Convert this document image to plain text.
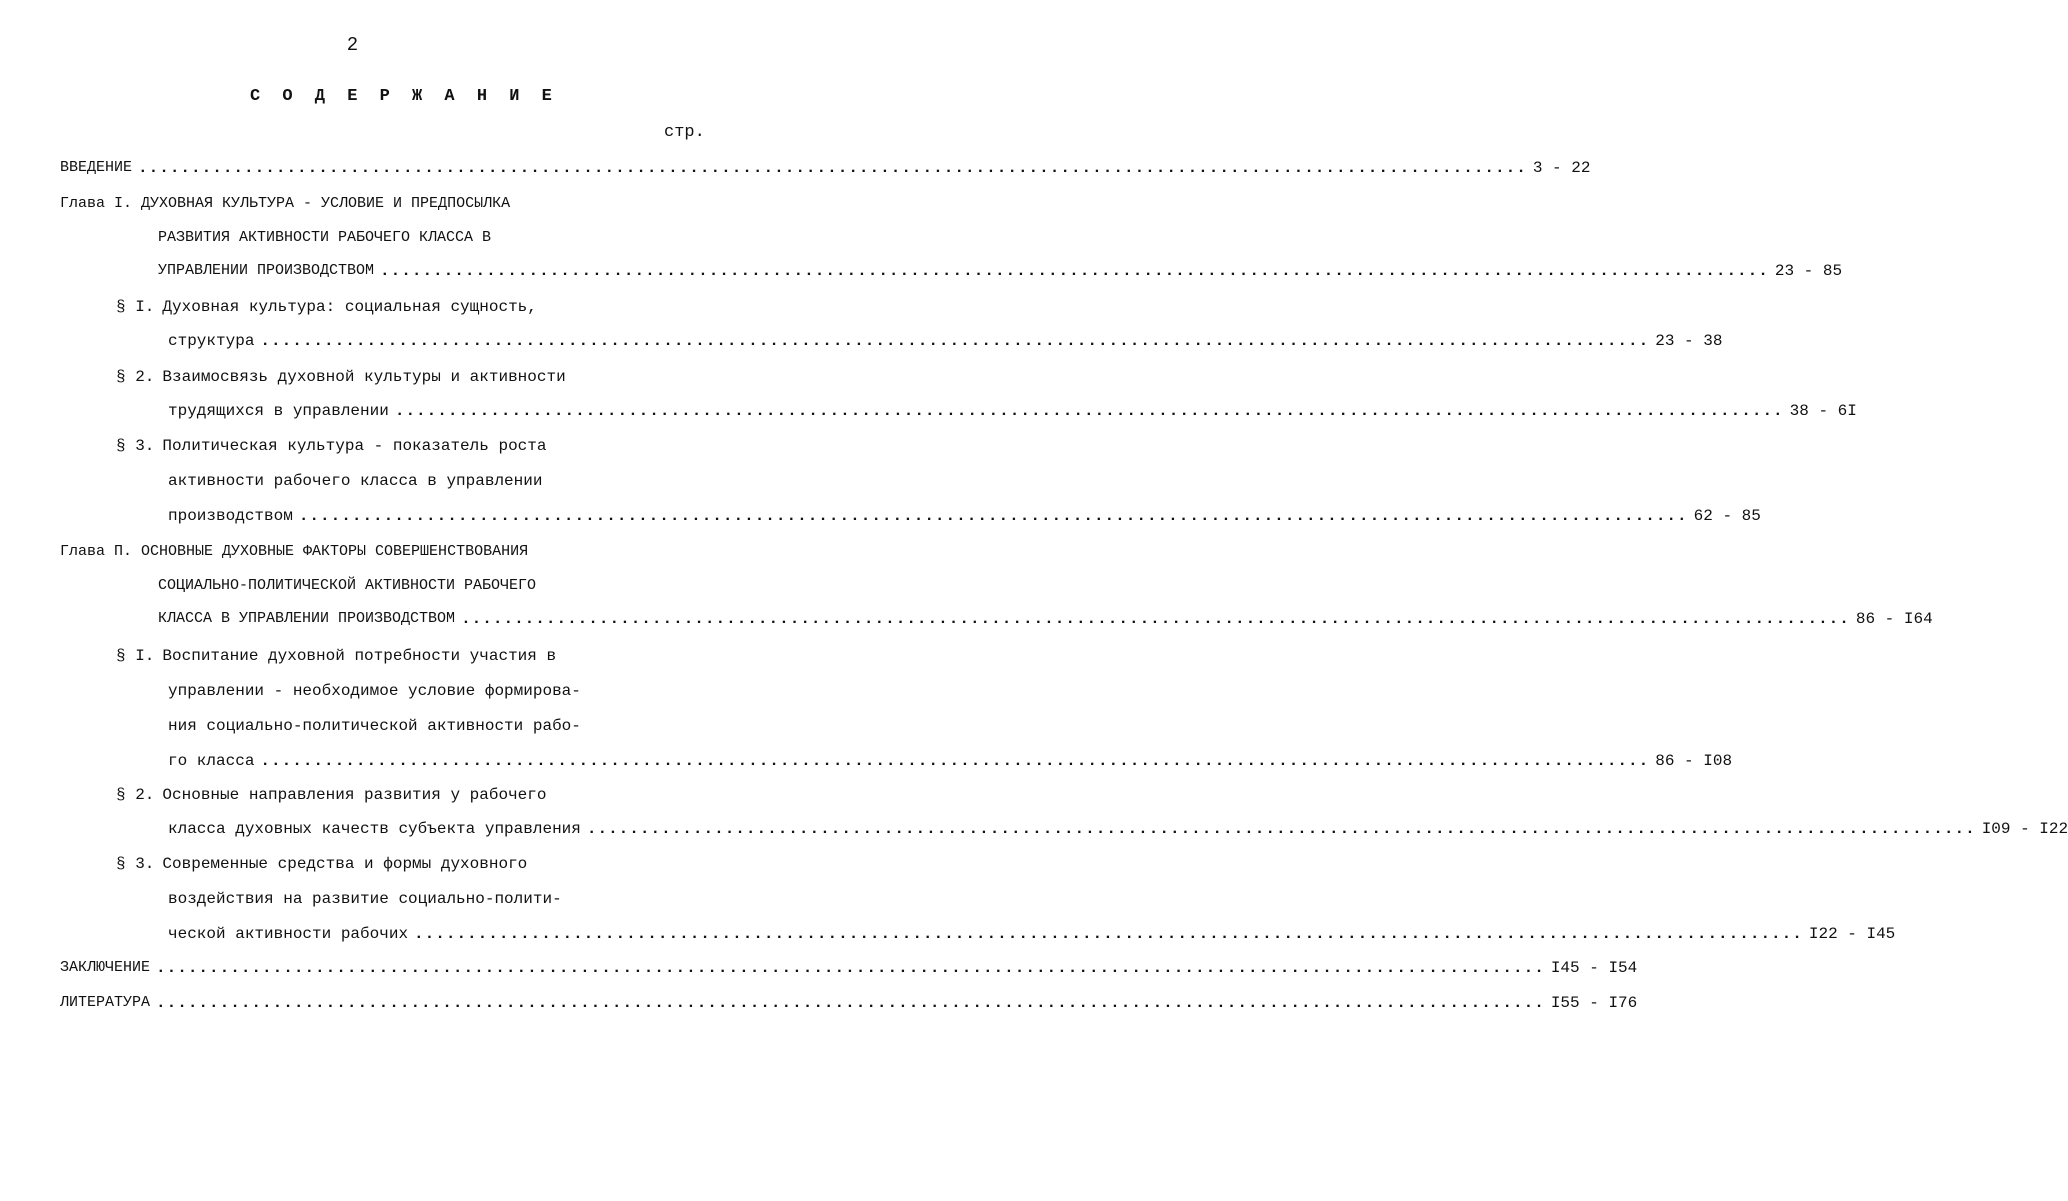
2
С О Д Е Р Ж А Н И Е
стр.
ВВЕДЕНИЕ ................................................................................................................................... 3 - 22
Глава I. ДУХОВНАЯ КУЛЬТУРА - УСЛОВИЕ И ПРЕДПОСЫЛКА
РАЗВИТИЯ АКТИВНОСТИ РАБОЧЕГО КЛАССА В
УПРАВЛЕНИИ ПРОИЗВОДСТВОМ ................................................................................................................................... 23 - 85
§ I. Духовная культура: социальная сущность,
структура ................................................................................................................................... 23 - 38
§ 2. Взаимосвязь духовной культуры и активности
трудящихся в управлении ................................................................................................................................... 38 - 6I
§ 3. Политическая культура - показатель роста
активности рабочего класса в управлении
производством ................................................................................................................................... 62 - 85
Глава П. ОСНОВНЫЕ ДУХОВНЫЕ ФАКТОРЫ СОВЕРШЕНСТВОВАНИЯ
СОЦИАЛЬНО-ПОЛИТИЧЕСКОЙ АКТИВНОСТИ РАБОЧЕГО
КЛАССА В УПРАВЛЕНИИ ПРОИЗВОДСТВОМ ................................................................................................................................... 86 - I64
§ I. Воспитание духовной потребности участия в
управлении - необходимое условие формирова-
ния социально-политической активности рабо-
го класса ................................................................................................................................... 86 - I08
§ 2. Основные направления развития у рабочего
класса духовных качеств субъекта управления ................................................................................................................................... I09 - I22
§ 3. Современные средства и формы духовного
воздействия на развитие социально-полити-
ческой активности рабочих ................................................................................................................................... I22 - I45
ЗАКЛЮЧЕНИЕ ................................................................................................................................... I45 - I54
ЛИТЕРАТУРА ................................................................................................................................... I55 - I76
